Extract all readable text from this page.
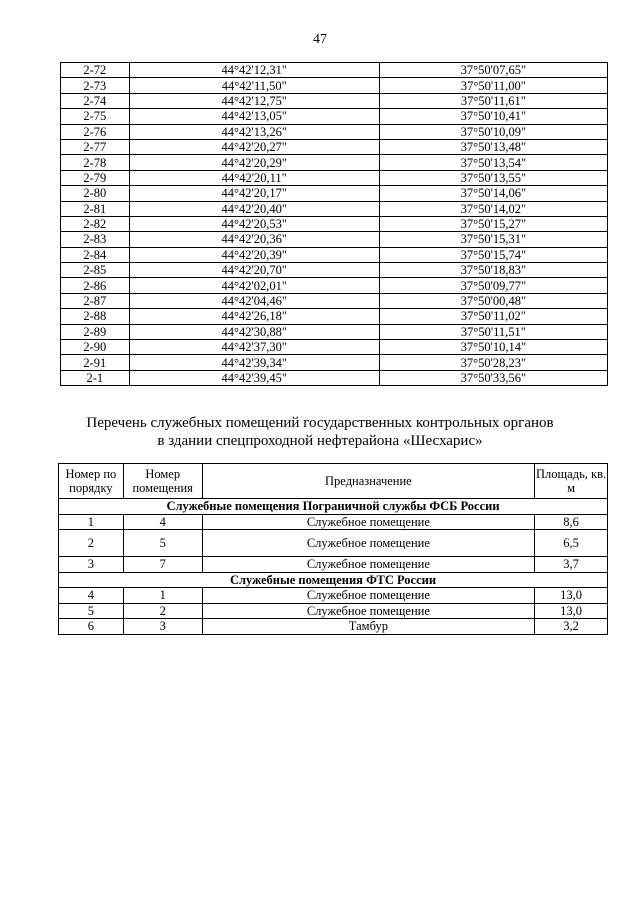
47
2-72	44°42'12,31"	37°50'07,65"
2-73	44°42'11,50"	37°50'11,00"
2-74	44°42'12,75"	37°50'11,61"
2-75	44°42'13,05"	37°50'10,41"
2-76	44°42'13,26"	37°50'10,09"
2-77	44°42'20,27"	37°50'13,48"
2-78	44°42'20,29"	37°50'13,54"
2-79	44°42'20,11"	37°50'13,55"
2-80	44°42'20,17"	37°50'14,06"
2-81	44°42'20,40"	37°50'14,02"
2-82	44°42'20,53"	37°50'15,27"
2-83	44°42'20,36"	37°50'15,31"
2-84	44°42'20,39"	37°50'15,74"
2-85	44°42'20,70"	37°50'18,83"
2-86	44°42'02,01"	37°50'09,77"
2-87	44°42'04,46"	37°50'00,48"
2-88	44°42'26,18"	37°50'11,02"
2-89	44°42'30,88"	37°50'11,51"
2-90	44°42'37,30"	37°50'10,14"
2-91	44°42'39,34"	37°50'28,23"
2-1	44°42'39,45"	37°50'33,56"
Перечень служебных помещений государственных контрольных органов
в здании спецпроходной нефтерайона «Шесхарис»
Номер по порядку	Номер помещения	Предназначение	Площадь, кв. м
Служебные помещения Пограничной службы ФСБ России			
1	4	Служебное помещение	8,6
2	5	Служебное помещение	6,5
3	7	Служебное помещение	3,7
Служебные помещения ФТС России			
4	1	Служебное помещение	13,0
5	2	Служебное помещение	13,0
6	3	Тамбур	3,2
